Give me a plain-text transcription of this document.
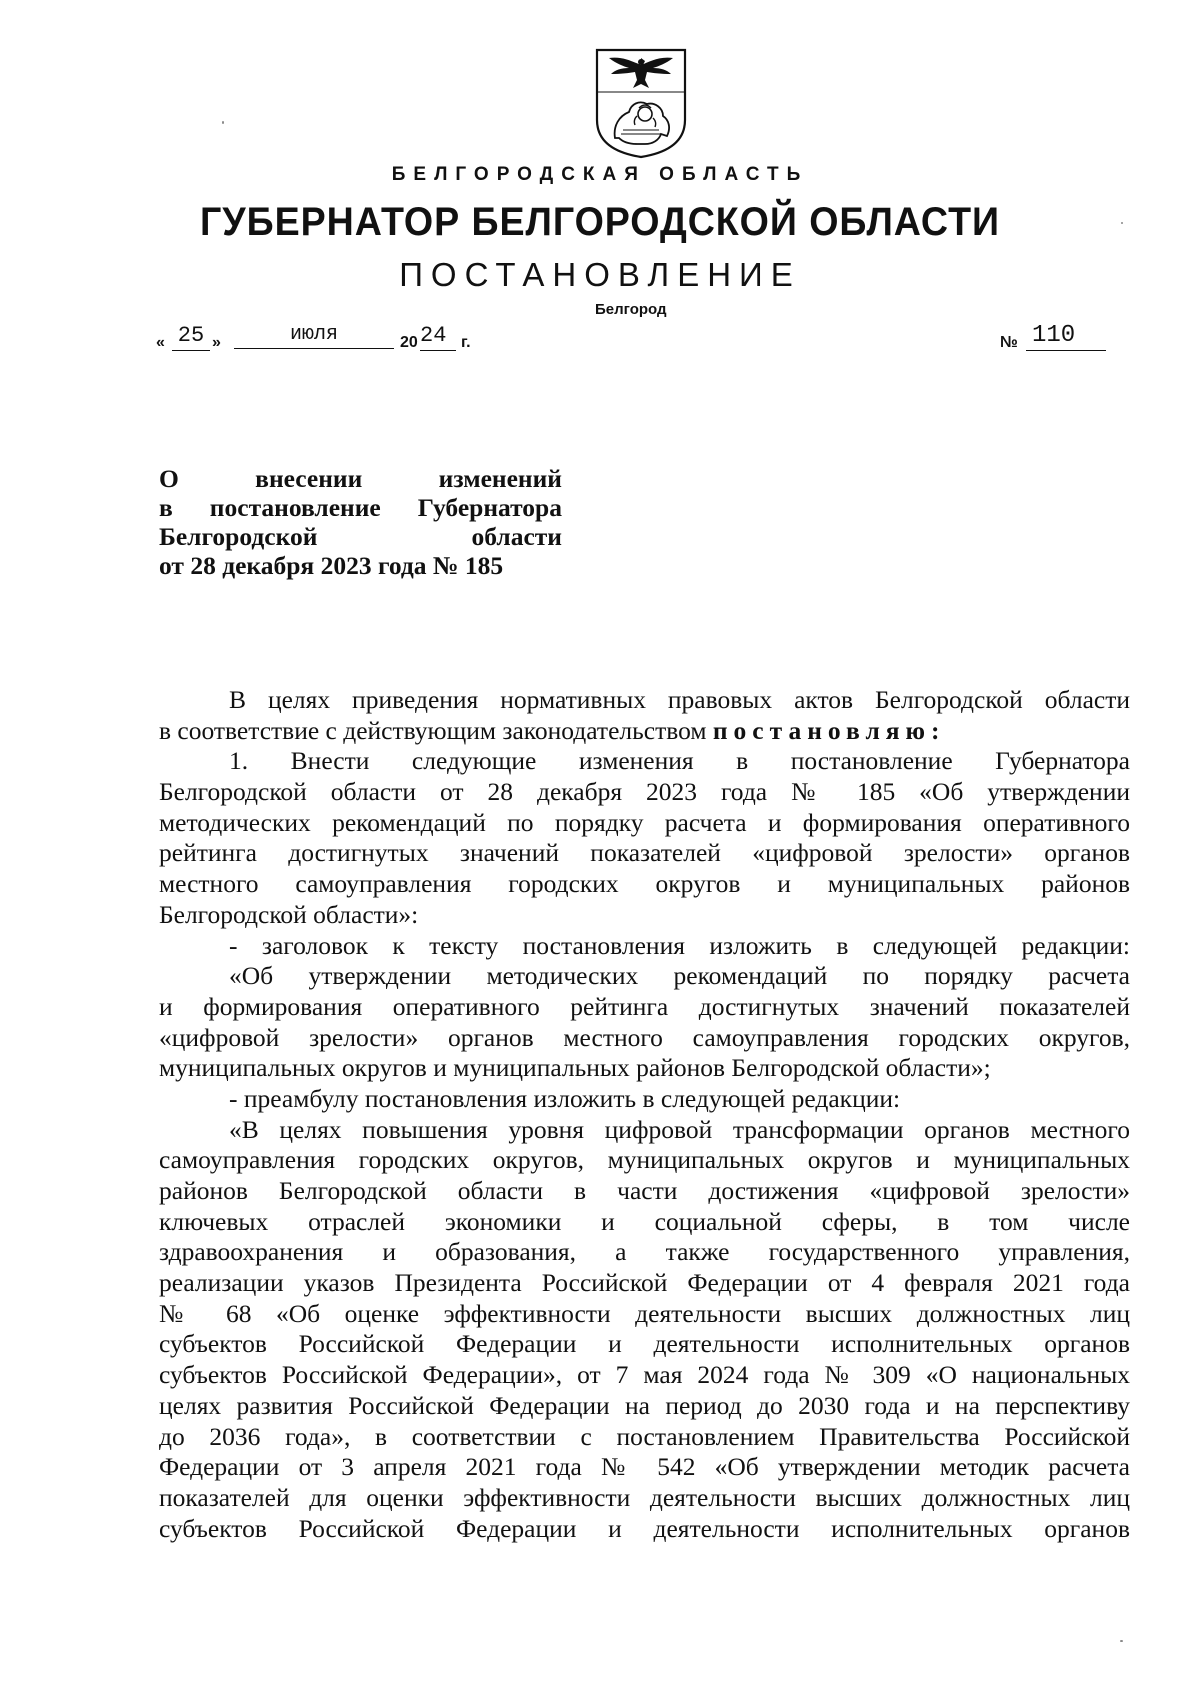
БЕЛГОРОДСКАЯ ОБЛАСТЬ
ГУБЕРНАТОР БЕЛГОРОДСКОЙ ОБЛАСТИ
ПОСТАНОВЛЕНИЕ
Белгород
« 25 »	июля	20 24 г.	№ 110
О внесении изменений
в постановление Губернатора
Белгородской области
от 28 декабря 2023 года № 185
В целях приведения нормативных правовых актов Белгородской области
в соответствие с действующим законодательством постановляю:
1. Внести следующие изменения в постановление Губернатора
Белгородской области от 28 декабря 2023 года № 185 «Об утверждении
методических рекомендаций по порядку расчета и формирования оперативного
рейтинга достигнутых значений показателей «цифровой зрелости» органов
местного самоуправления городских округов и муниципальных районов
Белгородской области»:
- заголовок к тексту постановления изложить в следующей редакции:
«Об утверждении методических рекомендаций по порядку расчета
и формирования оперативного рейтинга достигнутых значений показателей
«цифровой зрелости» органов местного самоуправления городских округов,
муниципальных округов и муниципальных районов Белгородской области»;
- преамбулу постановления изложить в следующей редакции:
«В целях повышения уровня цифровой трансформации органов местного
самоуправления городских округов, муниципальных округов и муниципальных
районов Белгородской области в части достижения «цифровой зрелости»
ключевых отраслей экономики и социальной сферы, в том числе
здравоохранения и образования, а также государственного управления,
реализации указов Президента Российской Федерации от 4 февраля 2021 года
№ 68 «Об оценке эффективности деятельности высших должностных лиц
субъектов Российской Федерации и деятельности исполнительных органов
субъектов Российской Федерации», от 7 мая 2024 года № 309 «О национальных
целях развития Российской Федерации на период до 2030 года и на перспективу
до 2036 года», в соответствии с постановлением Правительства Российской
Федерации от 3 апреля 2021 года № 542 «Об утверждении методик расчета
показателей для оценки эффективности деятельности высших должностных лиц
субъектов Российской Федерации и деятельности исполнительных органов
